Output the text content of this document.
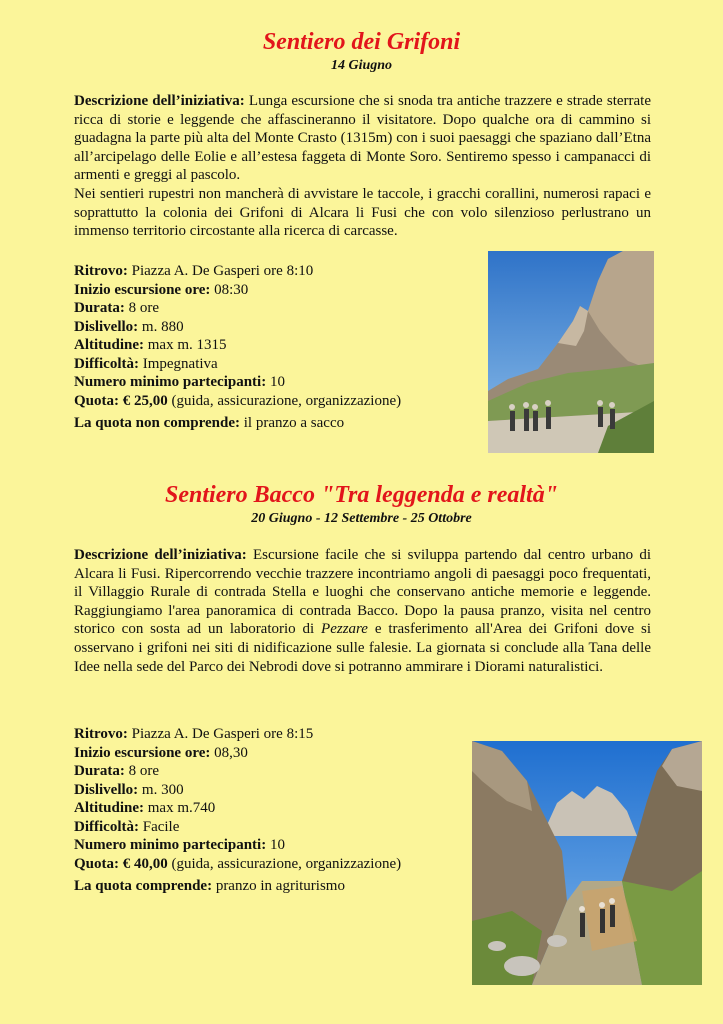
Sentiero dei Grifoni
14 Giugno

Descrizione dell’iniziativa: Lunga escursione che si snoda tra antiche trazzere e strade sterrate ricca di storie e leggende che affascineranno il visitatore. Dopo qualche ora di cammino si guadagna la parte più alta del Monte Crasto (1315m) con i suoi paesaggi che spaziano dall’Etna all’arcipelago delle Eolie e all’estesa faggeta di Monte Soro. Sentiremo spesso i campanacci di armenti e greggi al pascolo.
Nei sentieri rupestri non mancherà di avvistare le taccole, i gracchi corallini, numerosi rapaci e soprattutto la colonia dei Grifoni di Alcara li Fusi che con volo silenzioso perlustrano un immenso territorio circostante alla ricerca di carcasse.

Ritrovo: Piazza A. De Gasperi ore 8:10
Inizio escursione ore: 08:30
Durata: 8 ore
Dislivello: m. 880
Altitudine: max m. 1315
Difficoltà: Impegnativa
Numero minimo partecipanti: 10
Quota: € 25,00 (guida, assicurazione, organizzazione)
La quota non comprende: il pranzo a sacco
Sentiero Bacco "Tra leggenda e realtà"
20 Giugno - 12 Settembre - 25 Ottobre

Descrizione dell’iniziativa: Escursione facile che si sviluppa partendo dal centro urbano di Alcara li Fusi. Ripercorrendo vecchie trazzere incontriamo angoli di paesaggi poco frequentati, il Villaggio Rurale di contrada Stella e luoghi che conservano antiche memorie e leggende. Raggiungiamo l'area panoramica di contrada Bacco. Dopo la pausa pranzo, visita nel centro storico con sosta ad un laboratorio di Pezzare e trasferimento all'Area dei Grifoni dove si osservano i grifoni nei siti di nidificazione sulle falesie. La giornata si conclude alla Tana delle Idee nella sede del Parco dei Nebrodi dove si potranno ammirare i Diorami naturalistici.

Ritrovo: Piazza A. De Gasperi ore 8:15
Inizio escursione ore: 08,30
Durata: 8 ore
Dislivello: m. 300
Altitudine: max m.740
Difficoltà: Facile
Numero minimo partecipanti: 10
Quota: € 40,00 (guida, assicurazione, organizzazione)
La quota comprende: pranzo in agriturismo
